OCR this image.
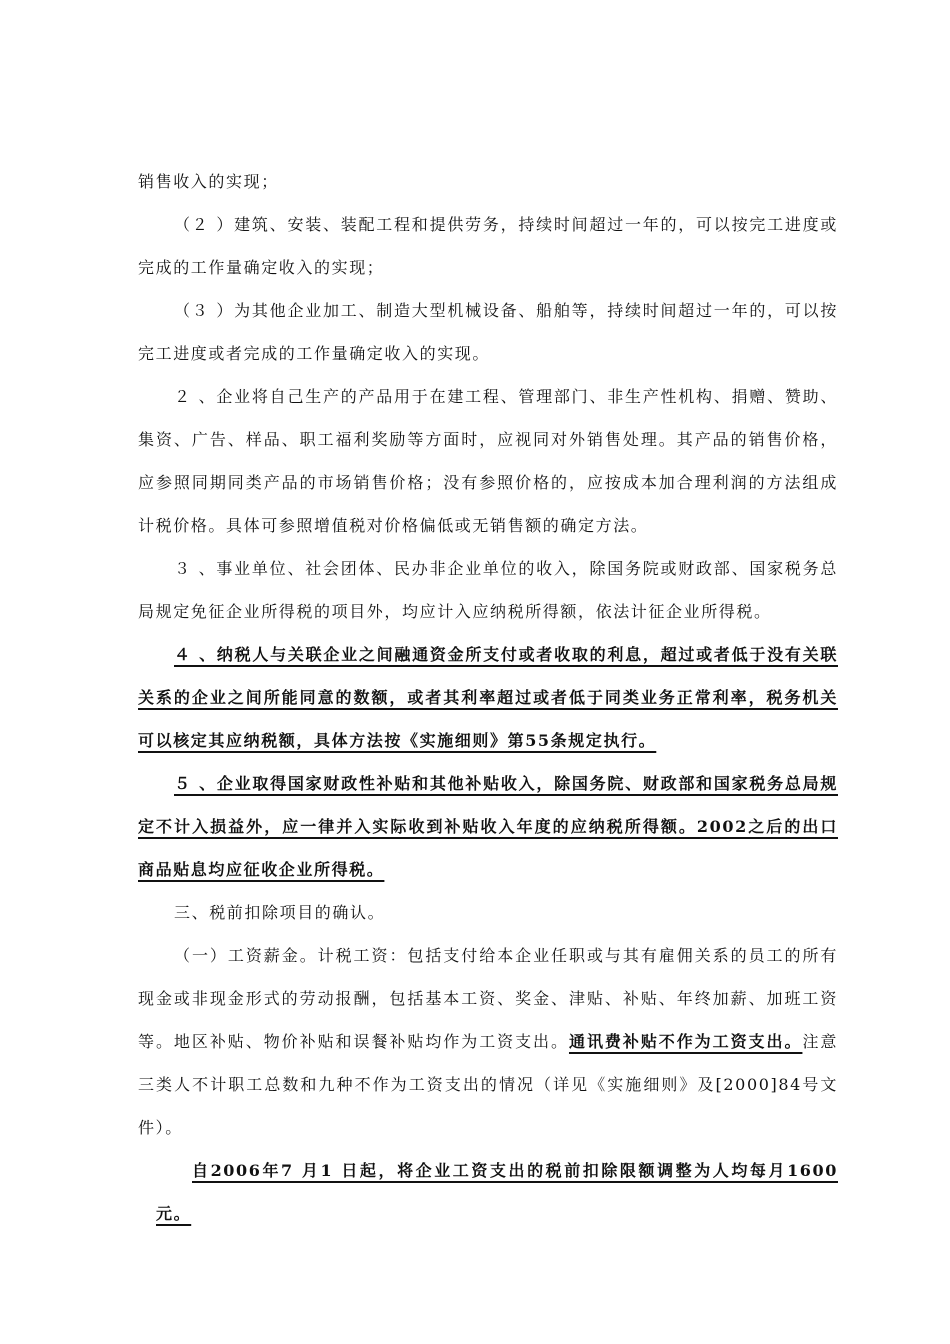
销售收入的实现；

（２ ）建筑、安装、装配工程和提供劳务，持续时间超过一年的，可以按完工进度或完成的工作量确定收入的实现；

（３ ）为其他企业加工、制造大型机械设备、船舶等，持续时间超过一年的，可以按完工进度或者完成的工作量确定收入的实现。

２ 、企业将自己生产的产品用于在建工程、管理部门、非生产性机构、捐赠、赞助、集资、广告、样品、职工福利奖励等方面时，应视同对外销售处理。其产品的销售价格，应参照同期同类产品的市场销售价格；没有参照价格的，应按成本加合理利润的方法组成计税价格。具体可参照增值税对价格偏低或无销售额的确定方法。

３ 、事业单位、社会团体、民办非企业单位的收入，除国务院或财政部、国家税务总局规定免征企业所得税的项目外，均应计入应纳税所得额，依法计征企业所得税。

４ 、纳税人与关联企业之间融通资金所支付或者收取的利息，超过或者低于没有关联关系的企业之间所能同意的数额，或者其利率超过或者低于同类业务正常利率，税务机关可以核定其应纳税额，具体方法按《实施细则》第55条规定执行。

５ 、企业取得国家财政性补贴和其他补贴收入，除国务院、财政部和国家税务总局规定不计入损益外，应一律并入实际收到补贴收入年度的应纳税所得额。2002之后的出口商品贴息均应征收企业所得税。

三、税前扣除项目的确认。

（一）工资薪金。计税工资：包括支付给本企业任职或与其有雇佣关系的员工的所有现金或非现金形式的劳动报酬，包括基本工资、奖金、津贴、补贴、年终加薪、加班工资等。地区补贴、物价补贴和误餐补贴均作为工资支出。通讯费补贴不作为工资支出。注意三类人不计职工总数和九种不作为工资支出的情况（详见《实施细则》及[2000]84号文件）。

自2006年7 月1 日起，将企业工资支出的税前扣除限额调整为人均每月1600元。
